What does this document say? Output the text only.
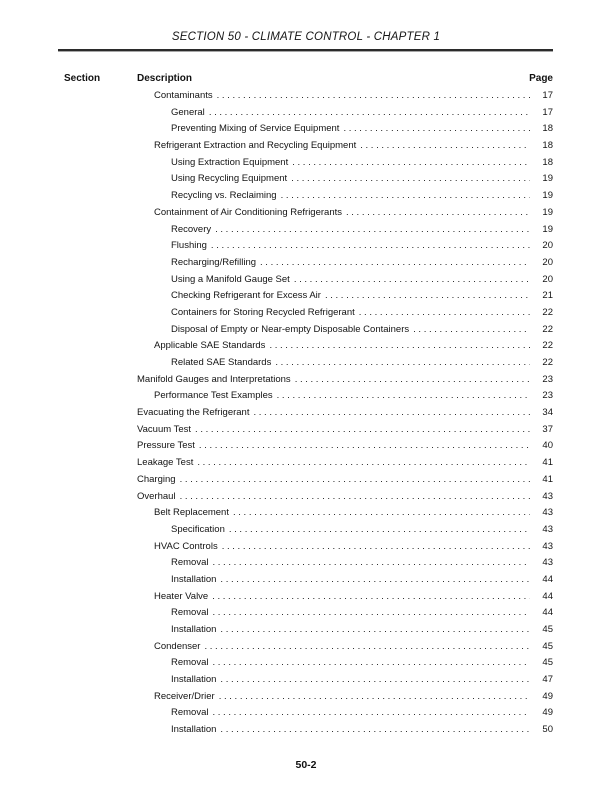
SECTION 50 - CLIMATE CONTROL - CHAPTER 1
Section	Description	Page
Contaminants . . .	17
General . . .	17
Preventing Mixing of Service Equipment . . .	18
Refrigerant Extraction and Recycling Equipment . . .	18
Using Extraction Equipment . . .	18
Using Recycling Equipment . . .	19
Recycling vs. Reclaiming . . .	19
Containment of Air Conditioning Refrigerants . . .	19
Recovery . . .	19
Flushing . . .	20
Recharging/Refilling . . .	20
Using a Manifold Gauge Set . . .	20
Checking Refrigerant for Excess Air . . .	21
Containers for Storing Recycled Refrigerant . . .	22
Disposal of Empty or Near-empty Disposable Containers . . .	22
Applicable SAE Standards . . .	22
Related SAE Standards . . .	22
Manifold Gauges and Interpretations . . .	23
Performance Test Examples . . .	23
Evacuating the Refrigerant . . .	34
Vacuum Test . . .	37
Pressure Test . . .	40
Leakage Test . . .	41
Charging . . .	41
Overhaul . . .	43
Belt Replacement . . .	43
Specification . . .	43
HVAC Controls . . .	43
Removal . . .	43
Installation . . .	44
Heater Valve . . .	44
Removal . . .	44
Installation . . .	45
Condenser . . .	45
Removal . . .	45
Installation . . .	47
Receiver/Drier . . .	49
Removal . . .	49
Installation . . .	50
50-2
